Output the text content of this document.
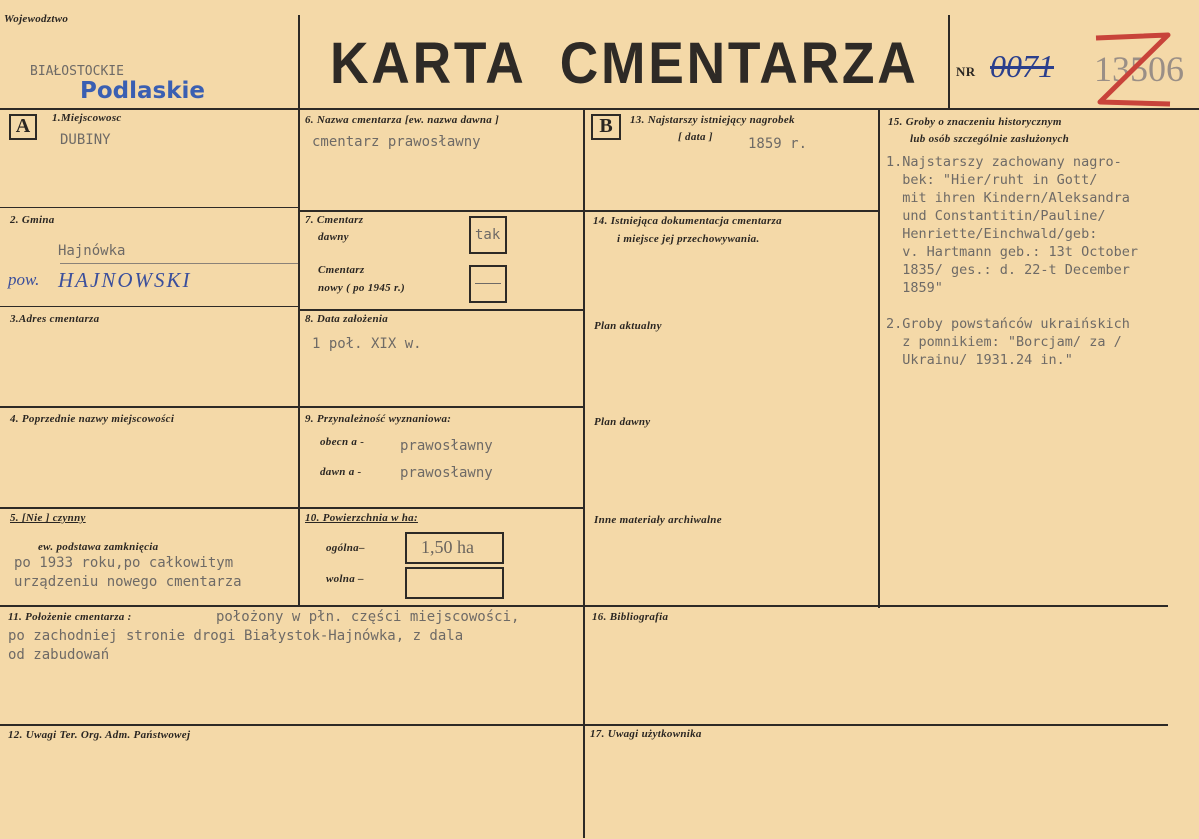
Wojewodztwo
BIAŁOSTOCKIE
Podlaskie KARTA  CMENTARZA	NR 0071 13506
A	B
1.Miejscowosc
DUBINY
2. Gmina
Hajnówka
pow. HAJNOWSKI
3.Adres cmentarza
4. Poprzednie nazwy miejscowości
5. [Nie ] czynny
ew. podstawa zamknięcia
po 1933 roku,po całkowitym
urządzeniu nowego cmentarza
6. Nazwa cmentarza [ew. nazwa dawna ]
cmentarz prawosławny
7. Cmentarz
dawny	tak
Cmentarz
nowy ( po 1945 r.)
8. Data założenia
1 poł. XIX w.
9. Przynależność wyznaniowa:
obecn a -	prawosławny
dawn a -	prawosławny
10. Powierzchnia w ha:
ogólna–	1,50 ha
wolna –
11. Położenie cmentarza :	położony w płn. części miejscowości,
po zachodniej stronie drogi Białystok-Hajnówka, z dala
od zabudowań
12. Uwagi Ter. Org. Adm. Państwowej
13. Najstarszy istniejący nagrobek
[ data ]	1859 r.
14. Istniejąca dokumentacja cmentarza
i miejsce jej przechowywania.
Plan aktualny
Plan dawny
Inne materiały archiwalne
16. Bibliografia
17. Uwagi użytkownika
15. Groby o znaczeniu historycznym
lub osób szczególnie zasłużonych
1.Najstarszy zachowany nagro-
bek: "Hier/ruht in Gott/
mit ihren Kindern/Aleksandra
und Constantitin/Pauline/
Henriette/Einchwald/geb:
v. Hartmann geb.: 13t October
1835/ ges.: d. 22-t December
1859"

2.Groby powstańców ukraińskich
z pomnikiem: "Borcjam/ za /
Ukrainu/ 1931.24 in."
